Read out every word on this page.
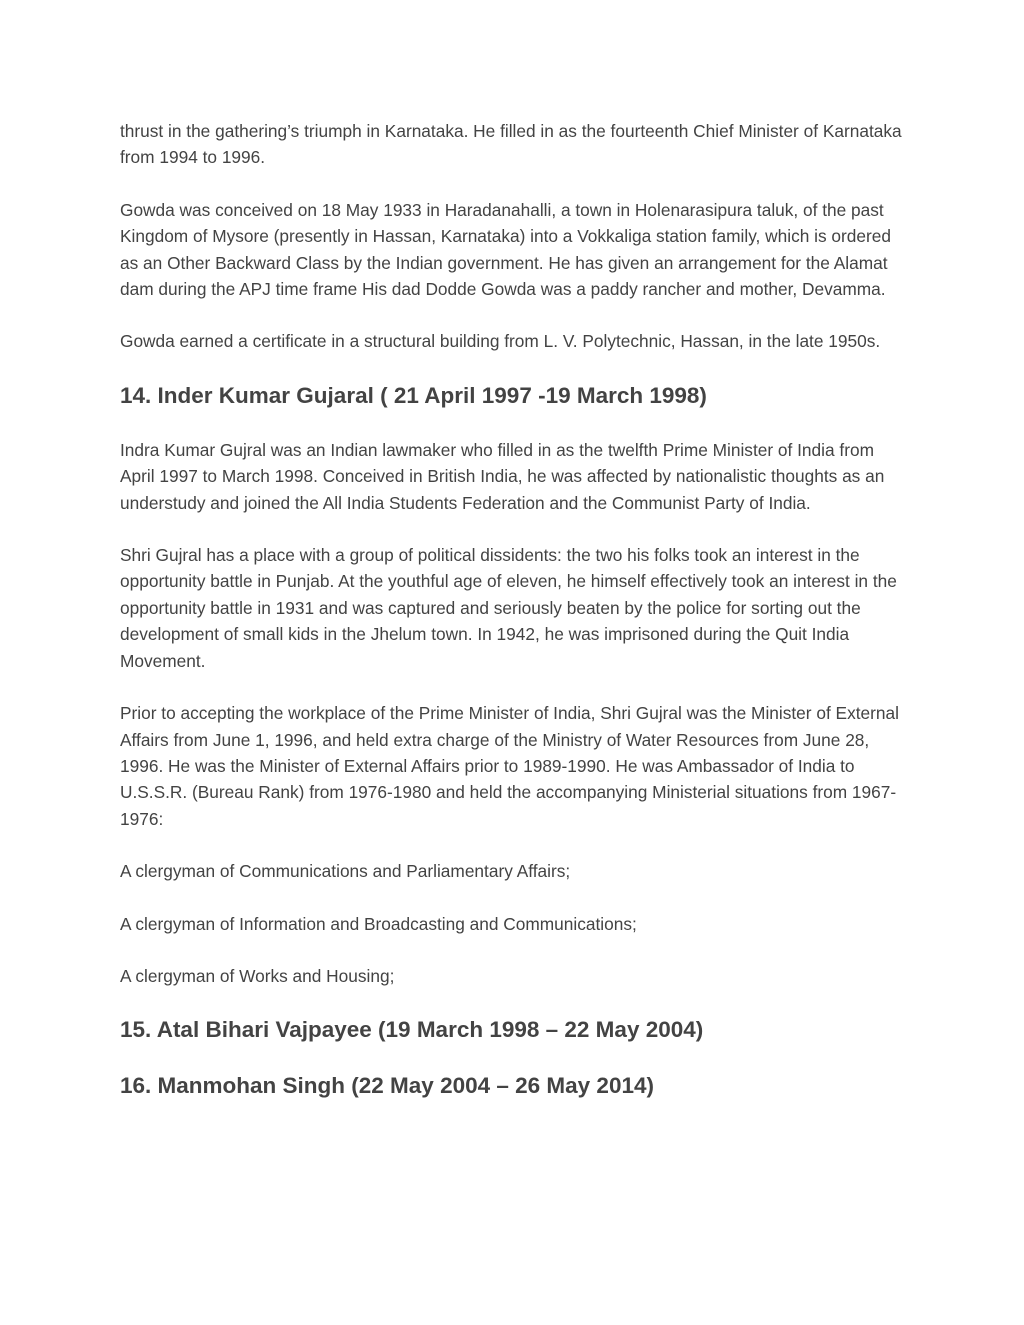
thrust in the gathering’s triumph in Karnataka. He filled in as the fourteenth Chief Minister of Karnataka from 1994 to 1996.

Gowda was conceived on 18 May 1933 in Haradanahalli, a town in Holenarasipura taluk, of the past Kingdom of Mysore (presently in Hassan, Karnataka) into a Vokkaliga station family, which is ordered as an Other Backward Class by the Indian government. He has given an arrangement for the Alamat dam during the APJ time frame His dad Dodde Gowda was a paddy rancher and mother, Devamma.

Gowda earned a certificate in a structural building from L. V. Polytechnic, Hassan, in the late 1950s.

14. Inder Kumar Gujaral ( 21 April 1997 -19 March 1998)

Indra Kumar Gujral was an Indian lawmaker who filled in as the twelfth Prime Minister of India from April 1997 to March 1998. Conceived in British India, he was affected by nationalistic thoughts as an understudy and joined the All India Students Federation and the Communist Party of India.

Shri Gujral has a place with a group of political dissidents: the two his folks took an interest in the opportunity battle in Punjab. At the youthful age of eleven, he himself effectively took an interest in the opportunity battle in 1931 and was captured and seriously beaten by the police for sorting out the development of small kids in the Jhelum town. In 1942, he was imprisoned during the Quit India Movement.

Prior to accepting the workplace of the Prime Minister of India, Shri Gujral was the Minister of External Affairs from June 1, 1996, and held extra charge of the Ministry of Water Resources from June 28, 1996. He was the Minister of External Affairs prior to 1989-1990. He was Ambassador of India to U.S.S.R. (Bureau Rank) from 1976-1980 and held the accompanying Ministerial situations from 1967-1976:

A clergyman of Communications and Parliamentary Affairs;

A clergyman of Information and Broadcasting and Communications;

A clergyman of Works and Housing;

15. Atal Bihari Vajpayee (19 March 1998 – 22 May 2004)
16. Manmohan Singh (22 May 2004 – 26 May 2014)
